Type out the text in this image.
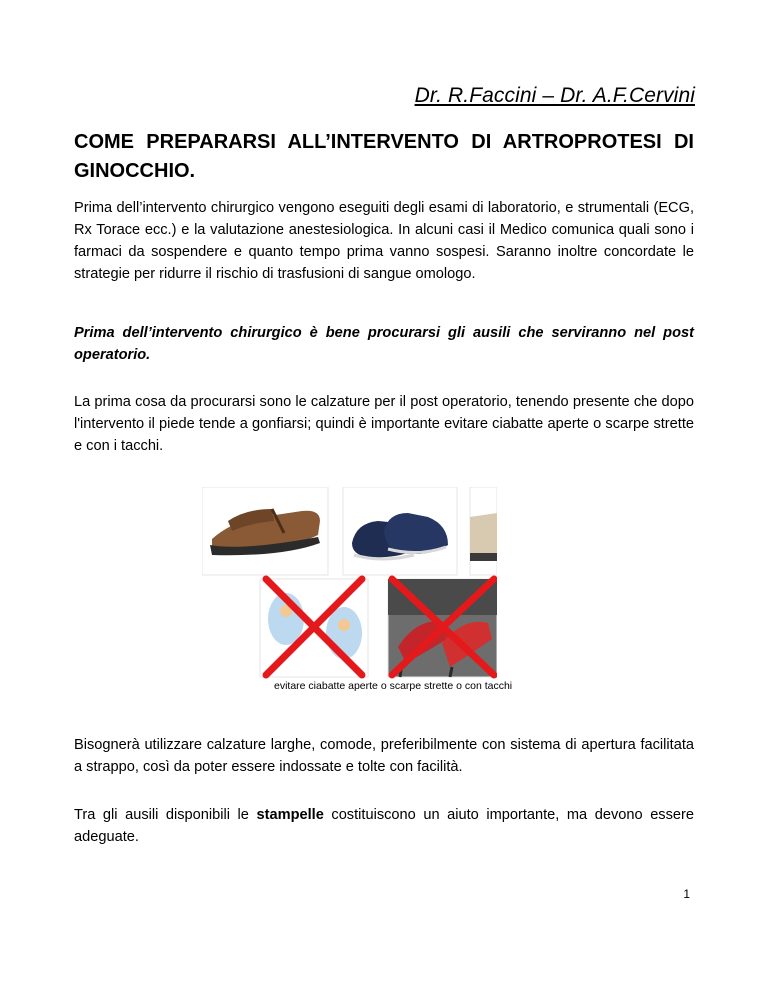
Dr. R.Faccini – Dr. A.F.Cervini
COME PREPARARSI ALL’INTERVENTO DI ARTROPROTESI DI GINOCCHIO.
Prima dell’intervento chirurgico vengono eseguiti degli esami di laboratorio, e strumentali (ECG, Rx Torace ecc.) e la valutazione anestesiologica. In alcuni casi il Medico comunica quali sono i farmaci da sospendere e quanto tempo prima vanno sospesi. Saranno inoltre concordate le strategie per ridurre il rischio di trasfusioni di sangue omologo.
Prima dell’intervento chirurgico è bene procurarsi gli ausili che serviranno nel post operatorio.
La prima cosa da procurarsi sono le calzature per il post operatorio, tenendo presente che dopo l'intervento il piede tende a gonfiarsi; quindi è importante evitare ciabatte aperte o scarpe strette e con i tacchi.
evitare ciabatte aperte o scarpe strette o con tacchi
Bisognerà utilizzare calzature larghe, comode, preferibilmente con sistema di apertura facilitata a strappo, così da poter essere indossate e tolte con facilità.
Tra gli ausili disponibili le stampelle costituiscono un aiuto importante, ma devono essere adeguate.
1
